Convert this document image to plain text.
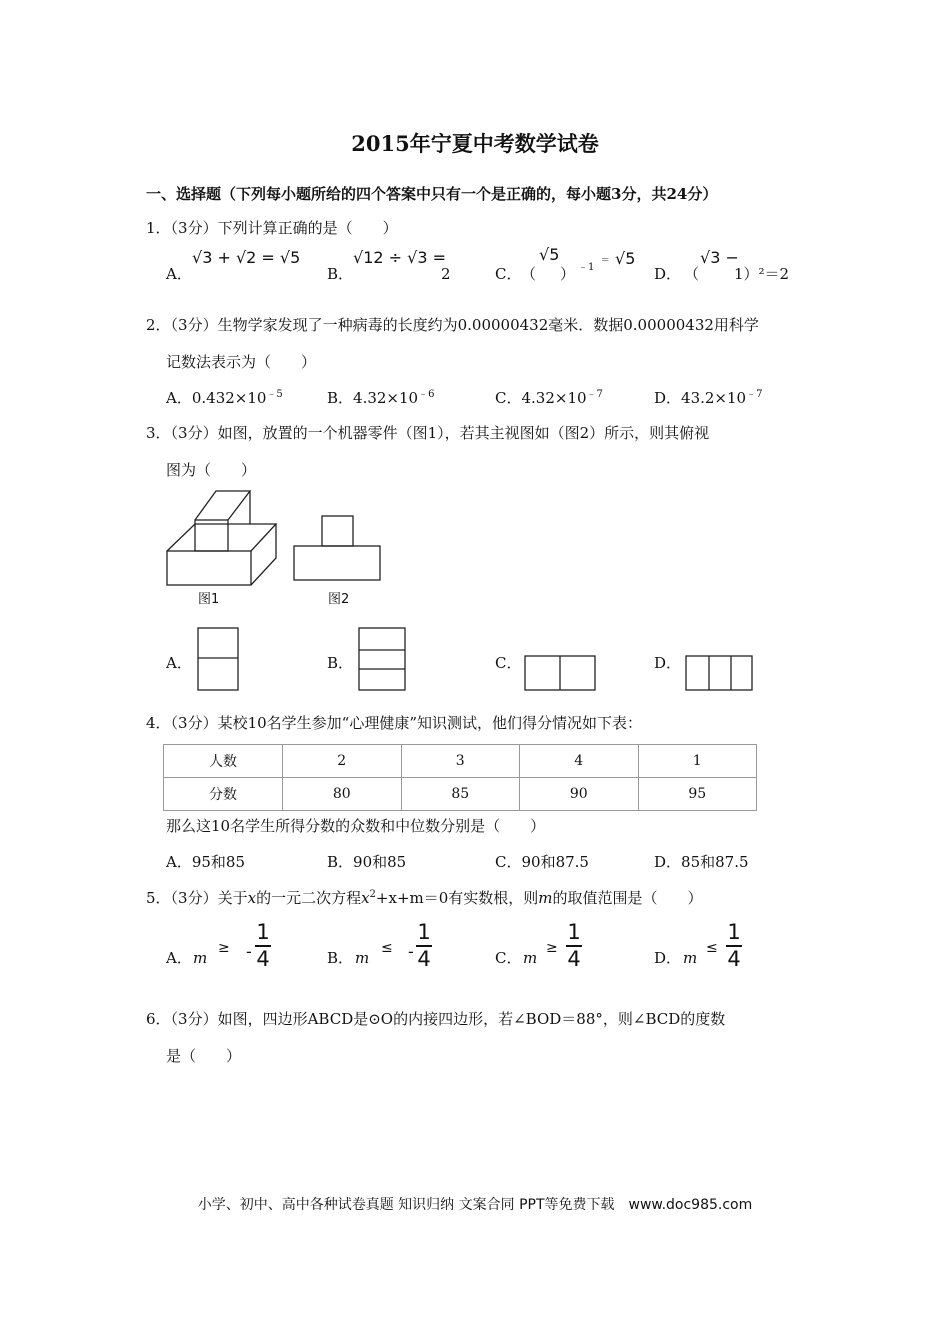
2015年宁夏中考数学试卷
一、选择题（下列每小题所给的四个答案中只有一个是正确的，每小题3分，共24分）
1．（3分）下列计算正确的是（　　）
A．
√3 + √2 = √5
B．
√12 ÷ √3 =
2	C． （
√5
） ﹣1
= √5
D． （
√3 −
1）²＝2
2．（3分）生物学家发现了一种病毒的长度约为0.00000432毫米．数据0.00000432用科学
记数法表示为（　　）
A．$0.432\times 10^{﹣5}$	B．$4.32\times 10^{﹣6}$	C．$4.32\times 10^{﹣7}$	D．$43.2\times 10^{﹣7}$
3．（3分）如图，放置的一个机器零件（图1），若其主视图如（图2）所示，则其俯视
图为（　　）
图1	图2
A．	B．	C．	D．
4．（3分）某校10名学生参加“心理健康”知识测试，他们得分情况如下表：
人数	2	3	4	1
分数	80	85	90	95
那么这10名学生所得分数的众数和中位数分别是（　　）
A．95和85	B．90和85	C．90和87.5	D．85和87.5
5．（3分）关于x的一元二次方程$x^2+x+m=0$有实数根，则m的取值范围是（　　）
A． m
≥ -
1
4	B． m
≤ -
1
4	C． m
≥
1
4	D． m
≤
1
4
6．（3分）如图，四边形ABCD是⊙O的内接四边形，若∠BOD＝88°，则∠BCD的度数
是（　　）
小学、初中、高中各种试卷真题 知识归纳 文案合同 PPT等免费下载　www.doc985.com
